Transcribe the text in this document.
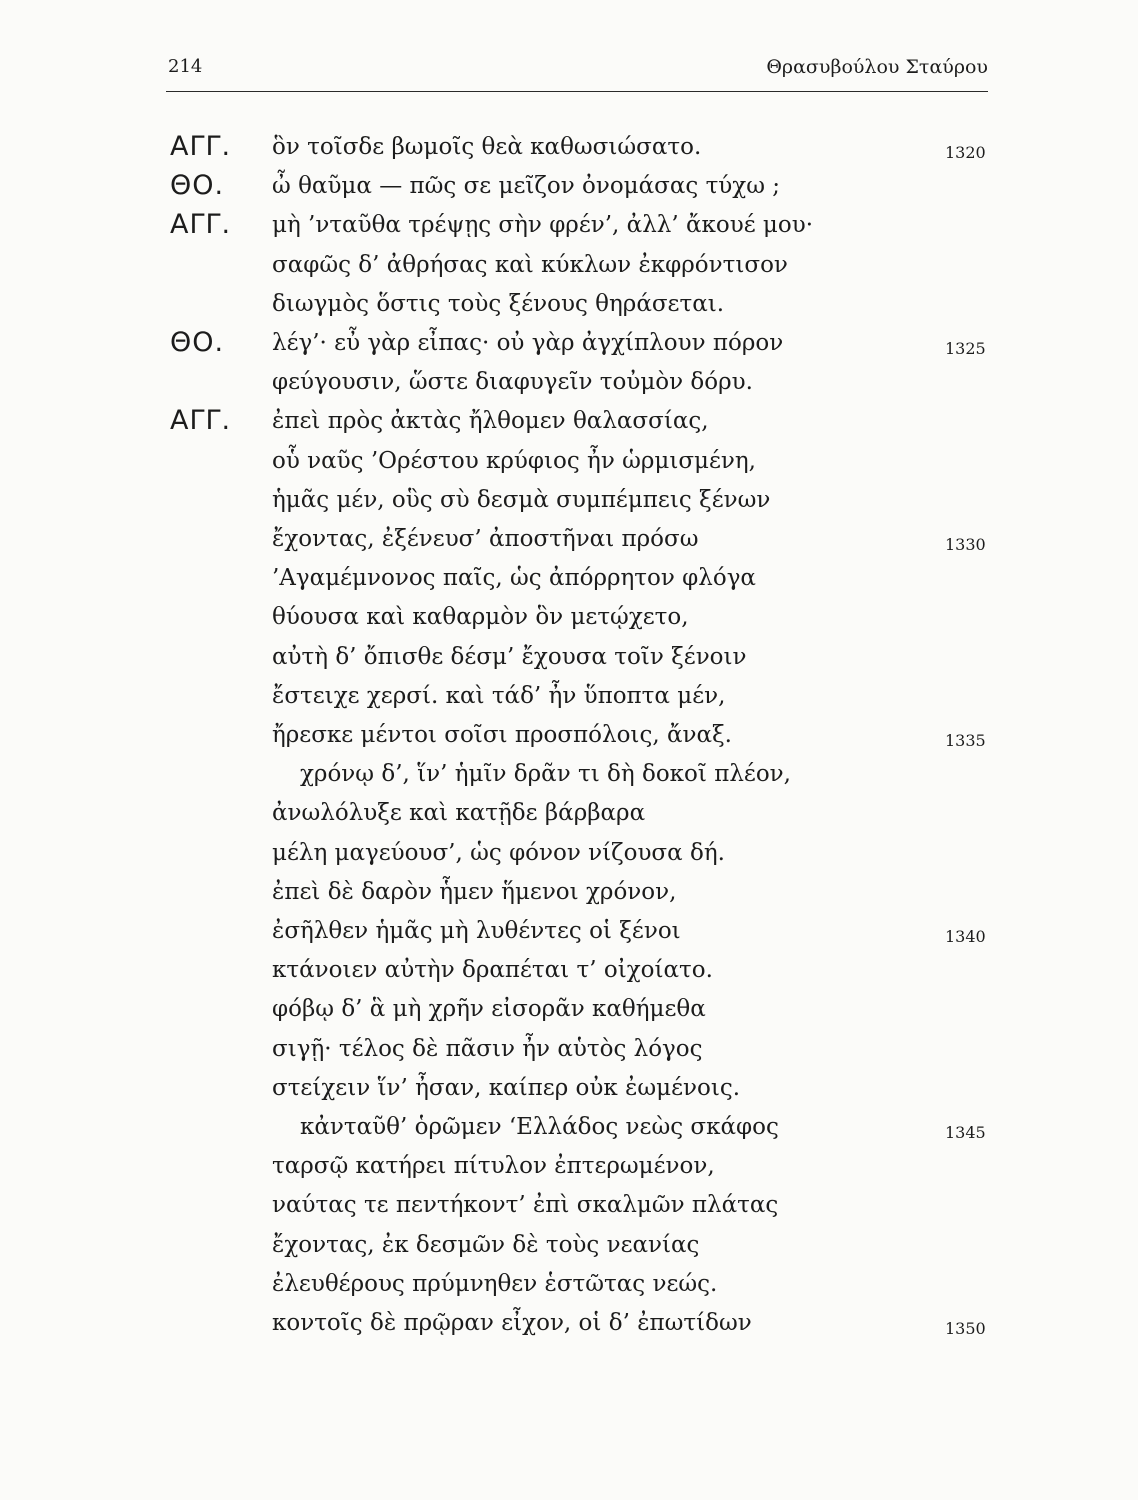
214	Θρασυβούλου Σταύρου
ΑΓΓ. ὃν τοῖσδε βωμοῖς θεὰ καθωσιώσατο.	1320
ΘΟ. ὦ θαῦμα — πῶς σε μεῖζον ὀνομάσας τύχω ;
ΑΓΓ. μὴ ’νταῦθα τρέψῃς σὴν φρέν’, ἀλλ’ ἄκουέ μου·
σαφῶς δ’ ἀθρήσας καὶ κύκλων ἐκφρόντισον
διωγμὸς ὅστις τοὺς ξένους θηράσεται.
ΘΟ. λέγ’· εὖ γὰρ εἶπας· οὐ γὰρ ἀγχίπλουν πόρον	1325
φεύγουσιν, ὥστε διαφυγεῖν τοὐμὸν δόρυ.
ΑΓΓ. ἐπεὶ πρὸς ἀκτὰς ἤλθομεν θαλασσίας,
οὗ ναῦς ’Ορέστου κρύφιος ἦν ὡρμισμένη,
ἡμᾶς μέν, οὓς σὺ δεσμὰ συμπέμπεις ξένων
ἔχοντας, ἐξένευσ’ ἀποστῆναι πρόσω	1330
’Αγαμέμνονος παῖς, ὡς ἀπόρρητον φλόγα
θύουσα καὶ καθαρμὸν ὃν μετῴχετο,
αὐτὴ δ’ ὄπισθε δέσμ’ ἔχουσα τοῖν ξένοιν
ἔστειχε χερσί. καὶ τάδ’ ἦν ὕποπτα μέν,
ἤρεσκε μέντοι σοῖσι προσπόλοις, ἄναξ.	1335
χρόνῳ δ’, ἵν’ ἡμῖν δρᾶν τι δὴ δοκοῖ πλέον,
ἀνωλόλυξε καὶ κατῇδε βάρβαρα
μέλη μαγεύουσ’, ὡς φόνον νίζουσα δή.
ἐπεὶ δὲ δαρὸν ἧμεν ἥμενοι χρόνον,
ἐσῆλθεν ἡμᾶς μὴ λυθέντες οἱ ξένοι	1340
κτάνοιεν αὐτὴν δραπέται τ’ οἰχοίατο.
φόβῳ δ’ ἃ μὴ χρῆν εἰσορᾶν καθήμεθα
σιγῇ· τέλος δὲ πᾶσιν ἦν αὑτὸς λόγος
στείχειν ἵν’ ἦσαν, καίπερ οὐκ ἐωμένοις.
κἀνταῦθ’ ὁρῶμεν ‘Ελλάδος νεὼς σκάφος	1345
ταρσῷ κατήρει πίτυλον ἐπτερωμένον,
ναύτας τε πεντήκοντ’ ἐπὶ σκαλμῶν πλάτας
ἔχοντας, ἐκ δεσμῶν δὲ τοὺς νεανίας
ἐλευθέρους πρύμνηθεν ἑστῶτας νεώς.
κοντοῖς δὲ πρῷραν εἶχον, οἱ δ’ ἐπωτίδων	1350
